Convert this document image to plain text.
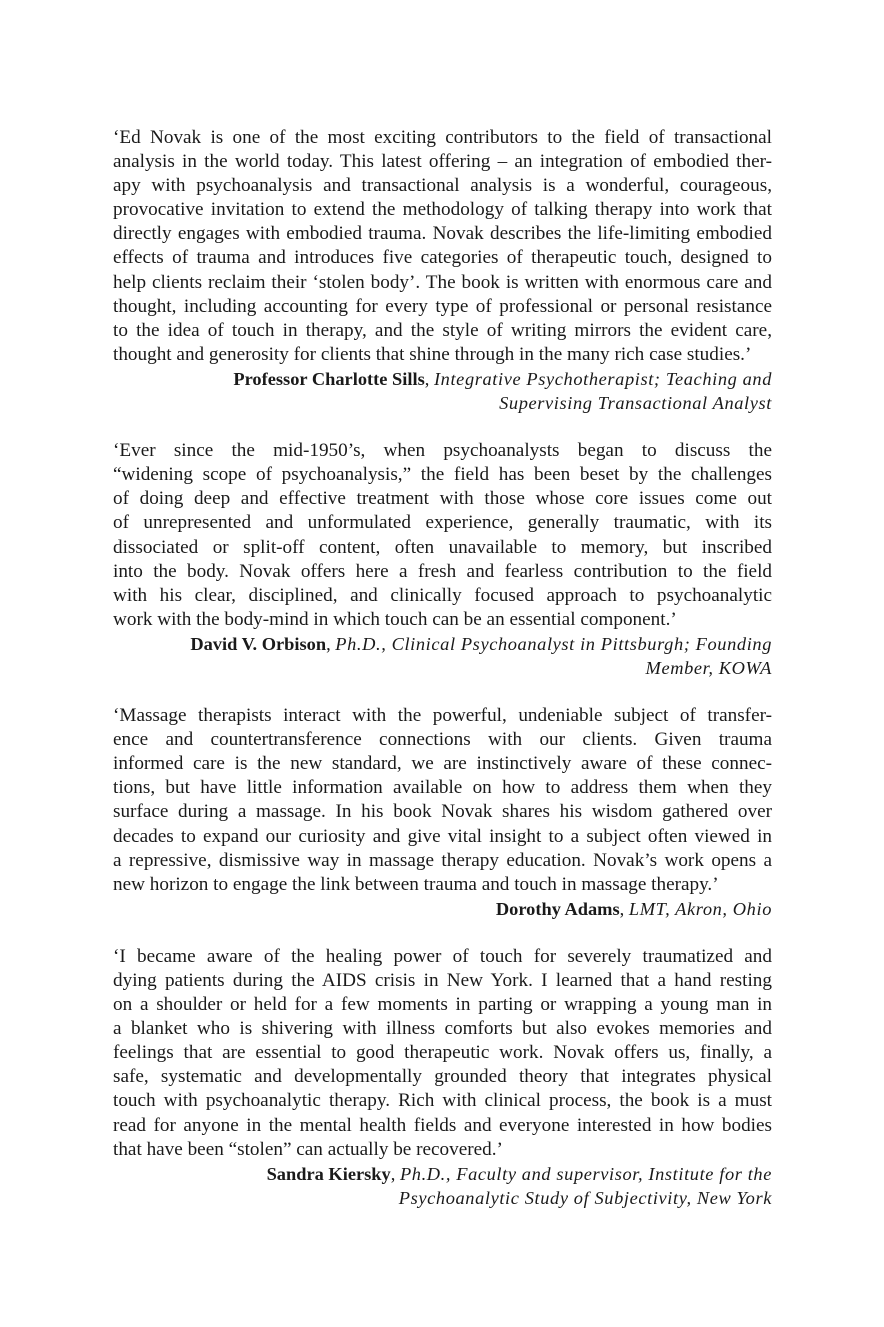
‘Ed Novak is one of the most exciting contributors to the field of transactional
analysis in the world today. This latest offering – an integration of embodied ther-
apy with psychoanalysis and transactional analysis is a wonderful, courageous,
provocative invitation to extend the methodology of talking therapy into work that
directly engages with embodied trauma. Novak describes the life-limiting embodied
effects of trauma and introduces five categories of therapeutic touch, designed to
help clients reclaim their ‘stolen body’. The book is written with enormous care and
thought, including accounting for every type of professional or personal resistance
to the idea of touch in therapy, and the style of writing mirrors the evident care,
thought and generosity for clients that shine through in the many rich case studies.’
Professor Charlotte Sills, Integrative Psychotherapist; Teaching and
Supervising Transactional Analyst
‘Ever since the mid-1950’s, when psychoanalysts began to discuss the
“widening scope of psychoanalysis,” the field has been beset by the challenges
of doing deep and effective treatment with those whose core issues come out
of unrepresented and unformulated experience, generally traumatic, with its
dissociated or split-off content, often unavailable to memory, but inscribed
into the body. Novak offers here a fresh and fearless contribution to the field
with his clear, disciplined, and clinically focused approach to psychoanalytic
work with the body-mind in which touch can be an essential component.’
David V. Orbison, Ph.D., Clinical Psychoanalyst in Pittsburgh; Founding
Member, KOWA
‘Massage therapists interact with the powerful, undeniable subject of transfer-
ence and countertransference connections with our clients. Given trauma
informed care is the new standard, we are instinctively aware of these connec-
tions, but have little information available on how to address them when they
surface during a massage. In his book Novak shares his wisdom gathered over
decades to expand our curiosity and give vital insight to a subject often viewed in
a repressive, dismissive way in massage therapy education. Novak’s work opens a
new horizon to engage the link between trauma and touch in massage therapy.’
Dorothy Adams, LMT, Akron, Ohio
‘I became aware of the healing power of touch for severely traumatized and
dying patients during the AIDS crisis in New York. I learned that a hand resting
on a shoulder or held for a few moments in parting or wrapping a young man in
a blanket who is shivering with illness comforts but also evokes memories and
feelings that are essential to good therapeutic work. Novak offers us, finally, a
safe, systematic and developmentally grounded theory that integrates physical
touch with psychoanalytic therapy. Rich with clinical process, the book is a must
read for anyone in the mental health fields and everyone interested in how bodies
that have been “stolen” can actually be recovered.’
Sandra Kiersky, Ph.D., Faculty and supervisor, Institute for the
Psychoanalytic Study of Subjectivity, New York
